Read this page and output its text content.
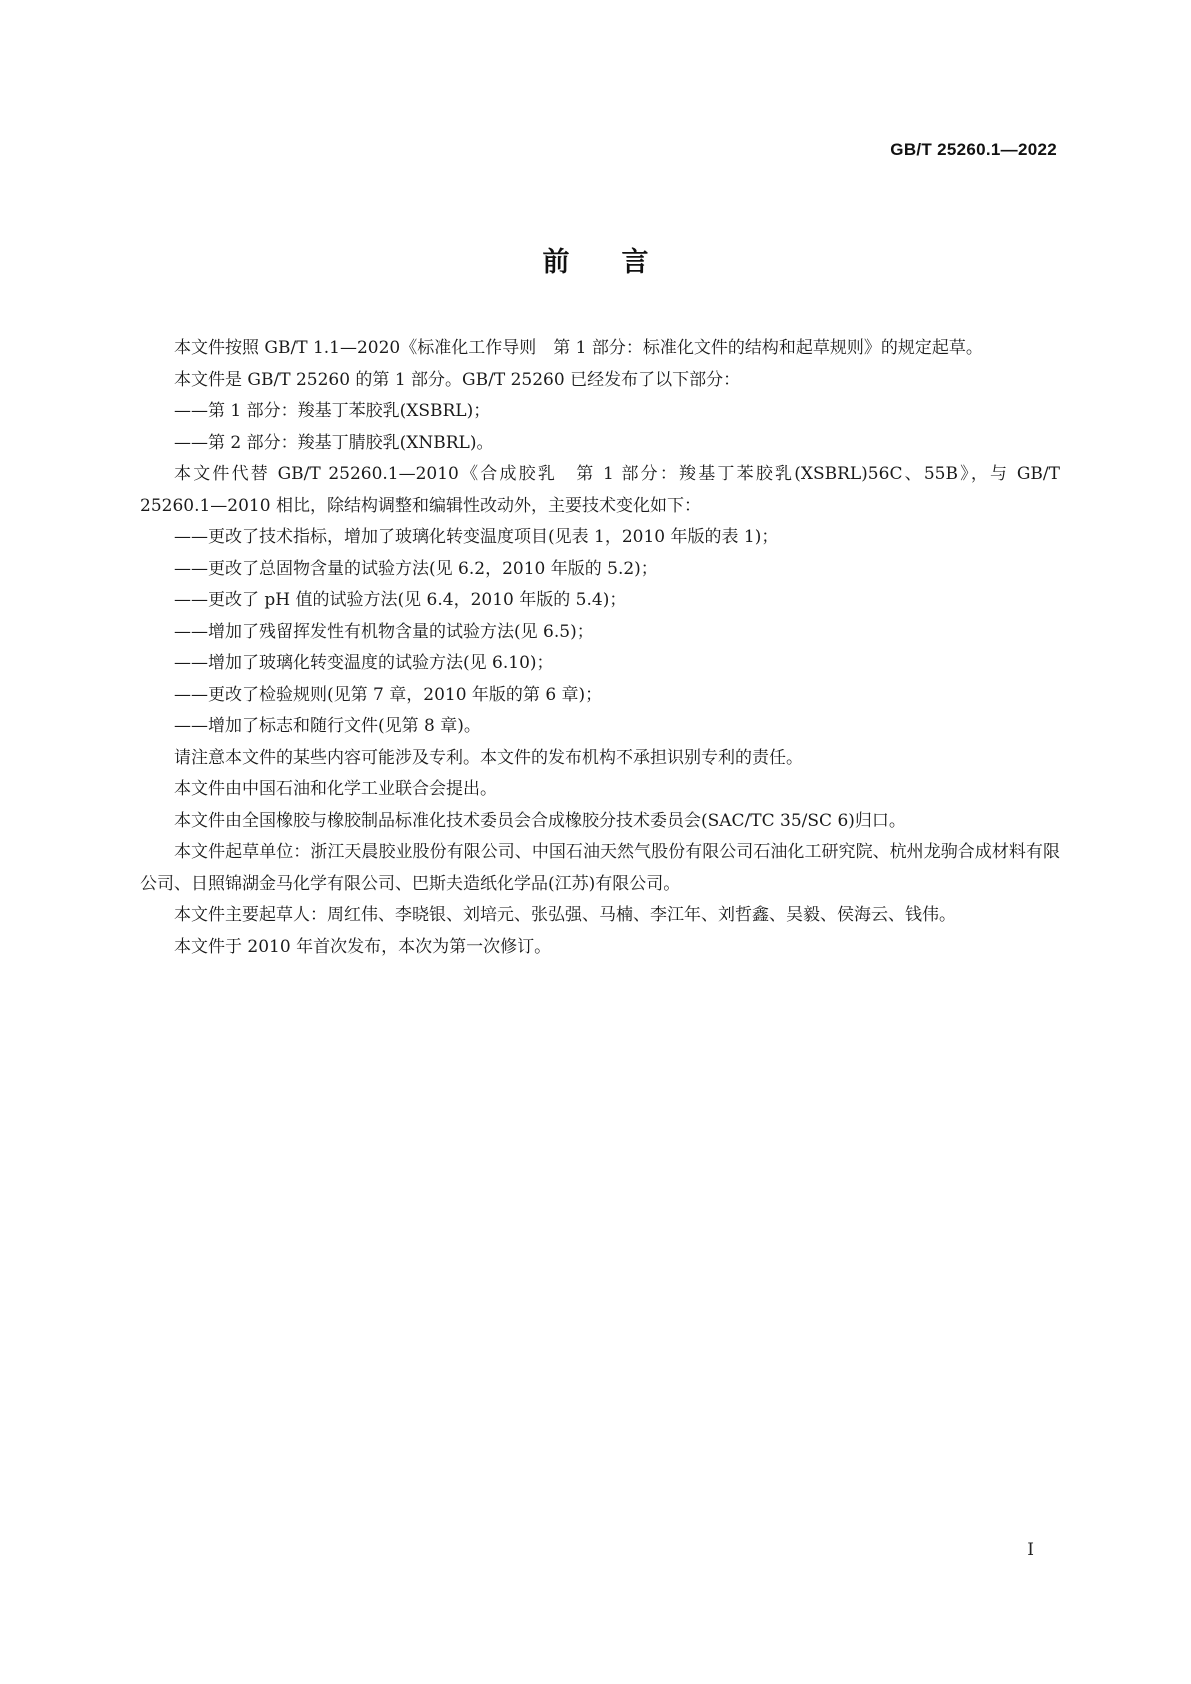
GB/T 25260.1—2022
前言

本文件按照 GB/T 1.1—2020《标准化工作导则　第 1 部分：标准化文件的结构和起草规则》的规定起草。

本文件是 GB/T 25260 的第 1 部分。GB/T 25260 已经发布了以下部分：

——第 1 部分：羧基丁苯胶乳(XSBRL)；

——第 2 部分：羧基丁腈胶乳(XNBRL)。

本文件代替 GB/T 25260.1—2010《合成胶乳　第 1 部分：羧基丁苯胶乳(XSBRL)56C、55B》，与 GB/T 25260.1—2010 相比，除结构调整和编辑性改动外，主要技术变化如下：

——更改了技术指标，增加了玻璃化转变温度项目(见表 1，2010 年版的表 1)；

——更改了总固物含量的试验方法(见 6.2，2010 年版的 5.2)；

——更改了 pH 值的试验方法(见 6.4，2010 年版的 5.4)；

——增加了残留挥发性有机物含量的试验方法(见 6.5)；

——增加了玻璃化转变温度的试验方法(见 6.10)；

——更改了检验规则(见第 7 章，2010 年版的第 6 章)；

——增加了标志和随行文件(见第 8 章)。

请注意本文件的某些内容可能涉及专利。本文件的发布机构不承担识别专利的责任。

本文件由中国石油和化学工业联合会提出。

本文件由全国橡胶与橡胶制品标准化技术委员会合成橡胶分技术委员会(SAC/TC 35/SC 6)归口。

本文件起草单位：浙江天晨胶业股份有限公司、中国石油天然气股份有限公司石油化工研究院、杭州龙驹合成材料有限公司、日照锦湖金马化学有限公司、巴斯夫造纸化学品(江苏)有限公司。

本文件主要起草人：周红伟、李晓银、刘培元、张弘强、马楠、李江年、刘哲鑫、吴毅、侯海云、钱伟。

本文件于 2010 年首次发布，本次为第一次修订。

I
